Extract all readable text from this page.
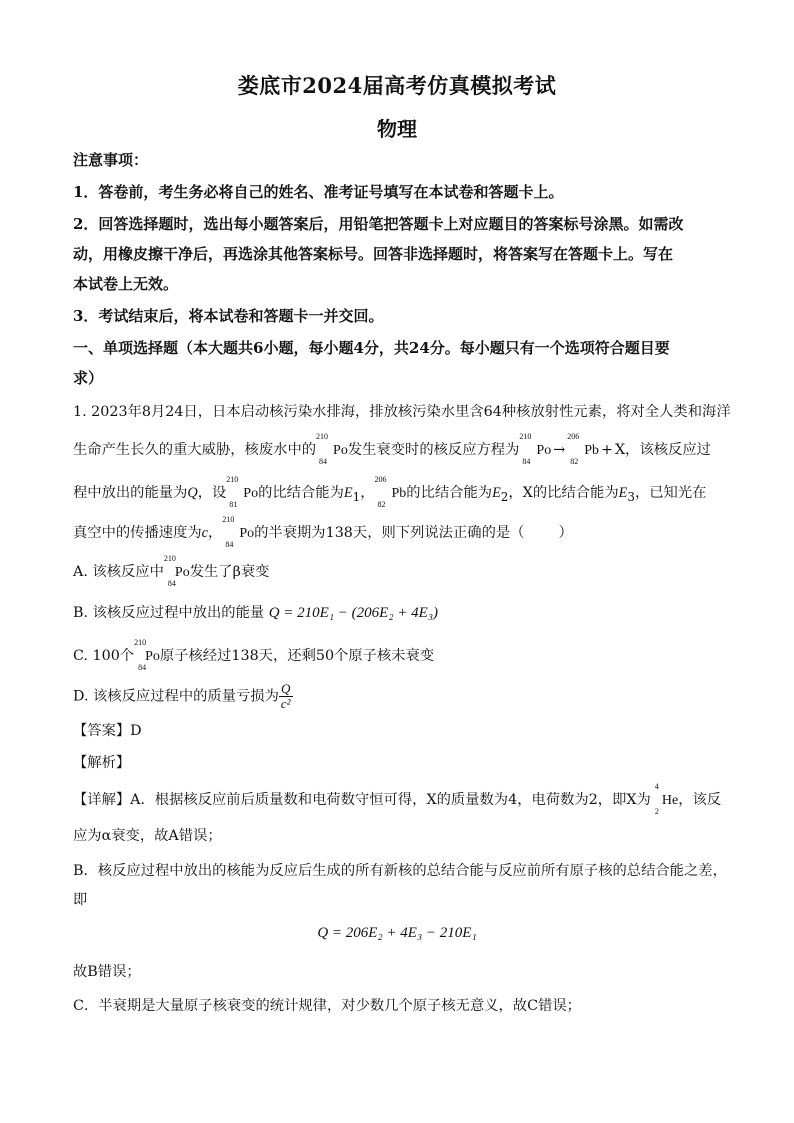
娄底市2024届高考仿真模拟考试
物理
注意事项：
1．答卷前，考生务必将自己的姓名、准考证号填写在本试卷和答题卡上。
2．回答选择题时，选出每小题答案后，用铅笔把答题卡上对应题目的答案标号涂黑。如需改
动，用橡皮擦干净后，再选涂其他答案标号。回答非选择题时，将答案写在答题卡上。写在
本试卷上无效。
3．考试结束后，将本试卷和答题卡一并交回。
一、单项选择题（本大题共6小题，每小题4分，共24分。每小题只有一个选项符合题目要
求）
1. 2023年8月24日，日本启动核污染水排海，排放核污染水里含64种核放射性元素，将对全人类和海洋
生命产生长久的重大威胁，核废水中的
210
84
Po发生衰变时的核反应方程为
210
84
Po →
206
82
Pb + X，该核反应过
程中放出的能量为Q，设
210
81
Po的比结合能为$E_1$，
206
82
Pb的比结合能为$E_2$，X的比结合能为$E_3$，已知光在
真空中的传播速度为c，
210
84
Po的半衰期为138天，则下列说法正确的是（ ）
A. 该核反应中
210
84
Po发生了β衰变
B. 该核反应过程中放出的能量 Q = 210E₁ − (206E₂ + 4E₃)
C. 100个
210
84
Po原子核经过138天，还剩50个原子核未衰变
D. 该核反应过程中的质量亏损为 $\frac{Q}{\text{c²}}$
【答案】D
【解析】
【详解】A．根据核反应前后质量数和电荷数守恒可得，X的质量数为4，电荷数为2，即X为
4
2
He，该反
应为α衰变，故A错误；
B．核反应过程中放出的核能为反应后生成的所有新核的总结合能与反应前所有原子核的总结合能之差，
即
Q = 206E₂ + 4E₃ − 210E₁
故B错误；
C．半衰期是大量原子核衰变的统计规律，对少数几个原子核无意义，故C错误；
